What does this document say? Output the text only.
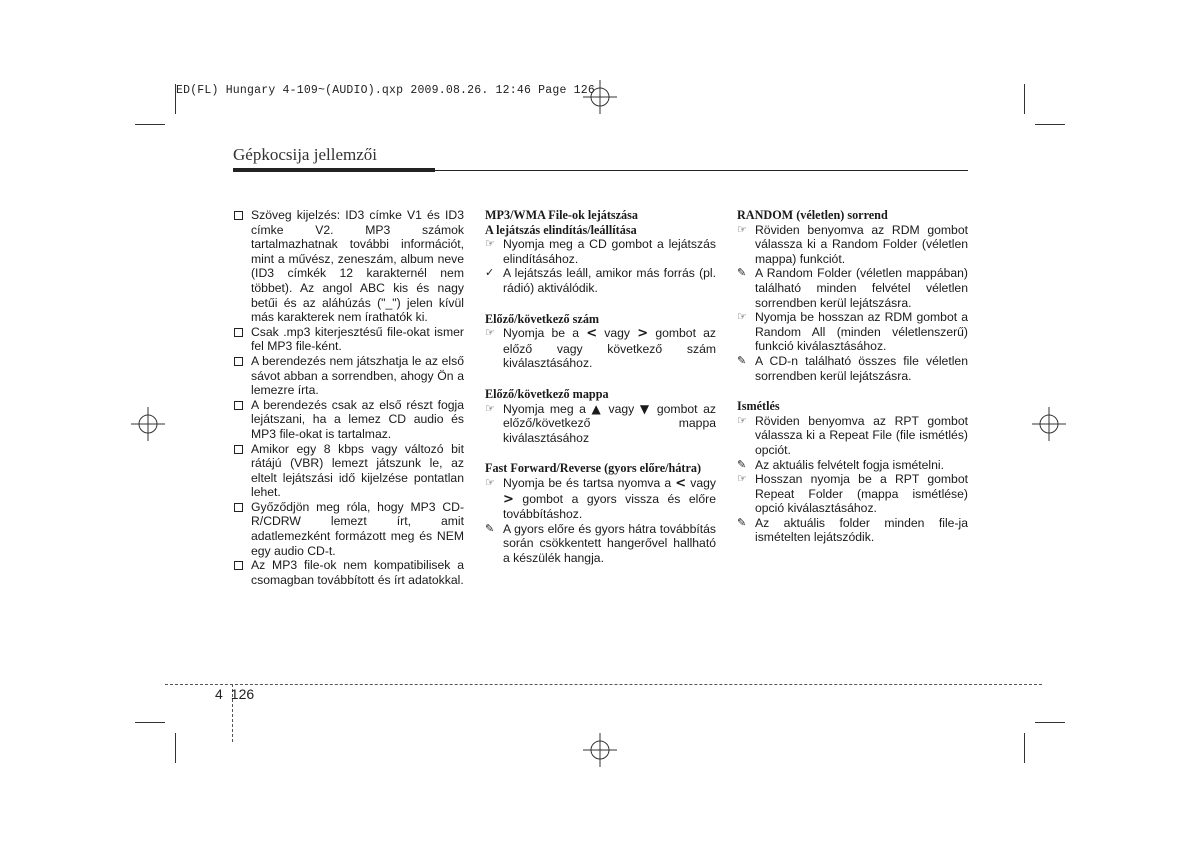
ED(FL) Hungary 4-109~(AUDIO).qxp 2009.08.26. 12:46 Page 126
Gépkocsija jellemzői

Szöveg kijelzés: ID3 címke V1 és ID3 címke V2. MP3 számok tartalmazhatnak további információt, mint a művész, zeneszám, album neve (ID3 címkék 12 karakternél nem többet). Az angol ABC kis és nagy betűi és az aláhúzás ("_") jelen kívül más karakterek nem írathatók ki.

Csak .mp3 kiterjesztésű file-okat ismer fel MP3 file-ként.

A berendezés nem játszhatja le az első sávot abban a sorrendben, ahogy Ön a lemezre írta.

A berendezés csak az első részt fogja lejátszani, ha a lemez CD audio és MP3 file-okat is tartalmaz.

Amikor egy 8 kbps vagy változó bit rátájú (VBR) lemezt játszunk le, az eltelt lejátszási idő kijelzése pontatlan lehet.

Győződjön meg róla, hogy MP3 CD-R/CDRW lemezt írt, amit adatlemezként formázott meg és NEM egy audio CD-t.

Az MP3 file-ok nem kompatibilisek a csomagban továbbított és írt adatokkal.

MP3/WMA File-ok lejátszása

A lejátszás elindítás/leállítása

☞ Nyomja meg a CD gombot a lejátszás elindításához.

✓ A lejátszás leáll, amikor más forrás (pl. rádió) aktiválódik.

Előző/következő szám

☞ Nyomja be a < vagy > gombot az előző vagy következő szám kiválasztásához.

Előző/következő mappa

☞ Nyomja meg a ▲ vagy ▼ gombot az előző/következő mappa kiválasztásához

Fast Forward/Reverse (gyors előre/hátra)

☞ Nyomja be és tartsa nyomva a < vagy > gombot a gyors vissza és előre továbbításhoz.

✎ A gyors előre és gyors hátra továbbítás során csökkentett hangerővel hallható a készülék hangja.

RANDOM (véletlen) sorrend

☞ Röviden benyomva az RDM gombot válassza ki a Random Folder (véletlen mappa) funkciót.

✎ A Random Folder (véletlen mappában) található minden felvétel véletlen sorrendben kerül lejátszásra.

☞ Nyomja be hosszan az RDM gombot a Random All (minden véletlenszerű) funkció kiválasztásához.

✎ A CD-n található összes file véletlen sorrendben kerül lejátszásra.

Ismétlés

☞ Röviden benyomva az RPT gombot válassza ki a Repeat File (file ismétlés) opciót.

✎ Az aktuális felvételt fogja ismételni.

☞ Hosszan nyomja be a RPT gombot Repeat Folder (mappa ismétlése) opció kiválasztásához.

✎ Az aktuális folder minden file-ja ismételten lejátszódik.

4 126
